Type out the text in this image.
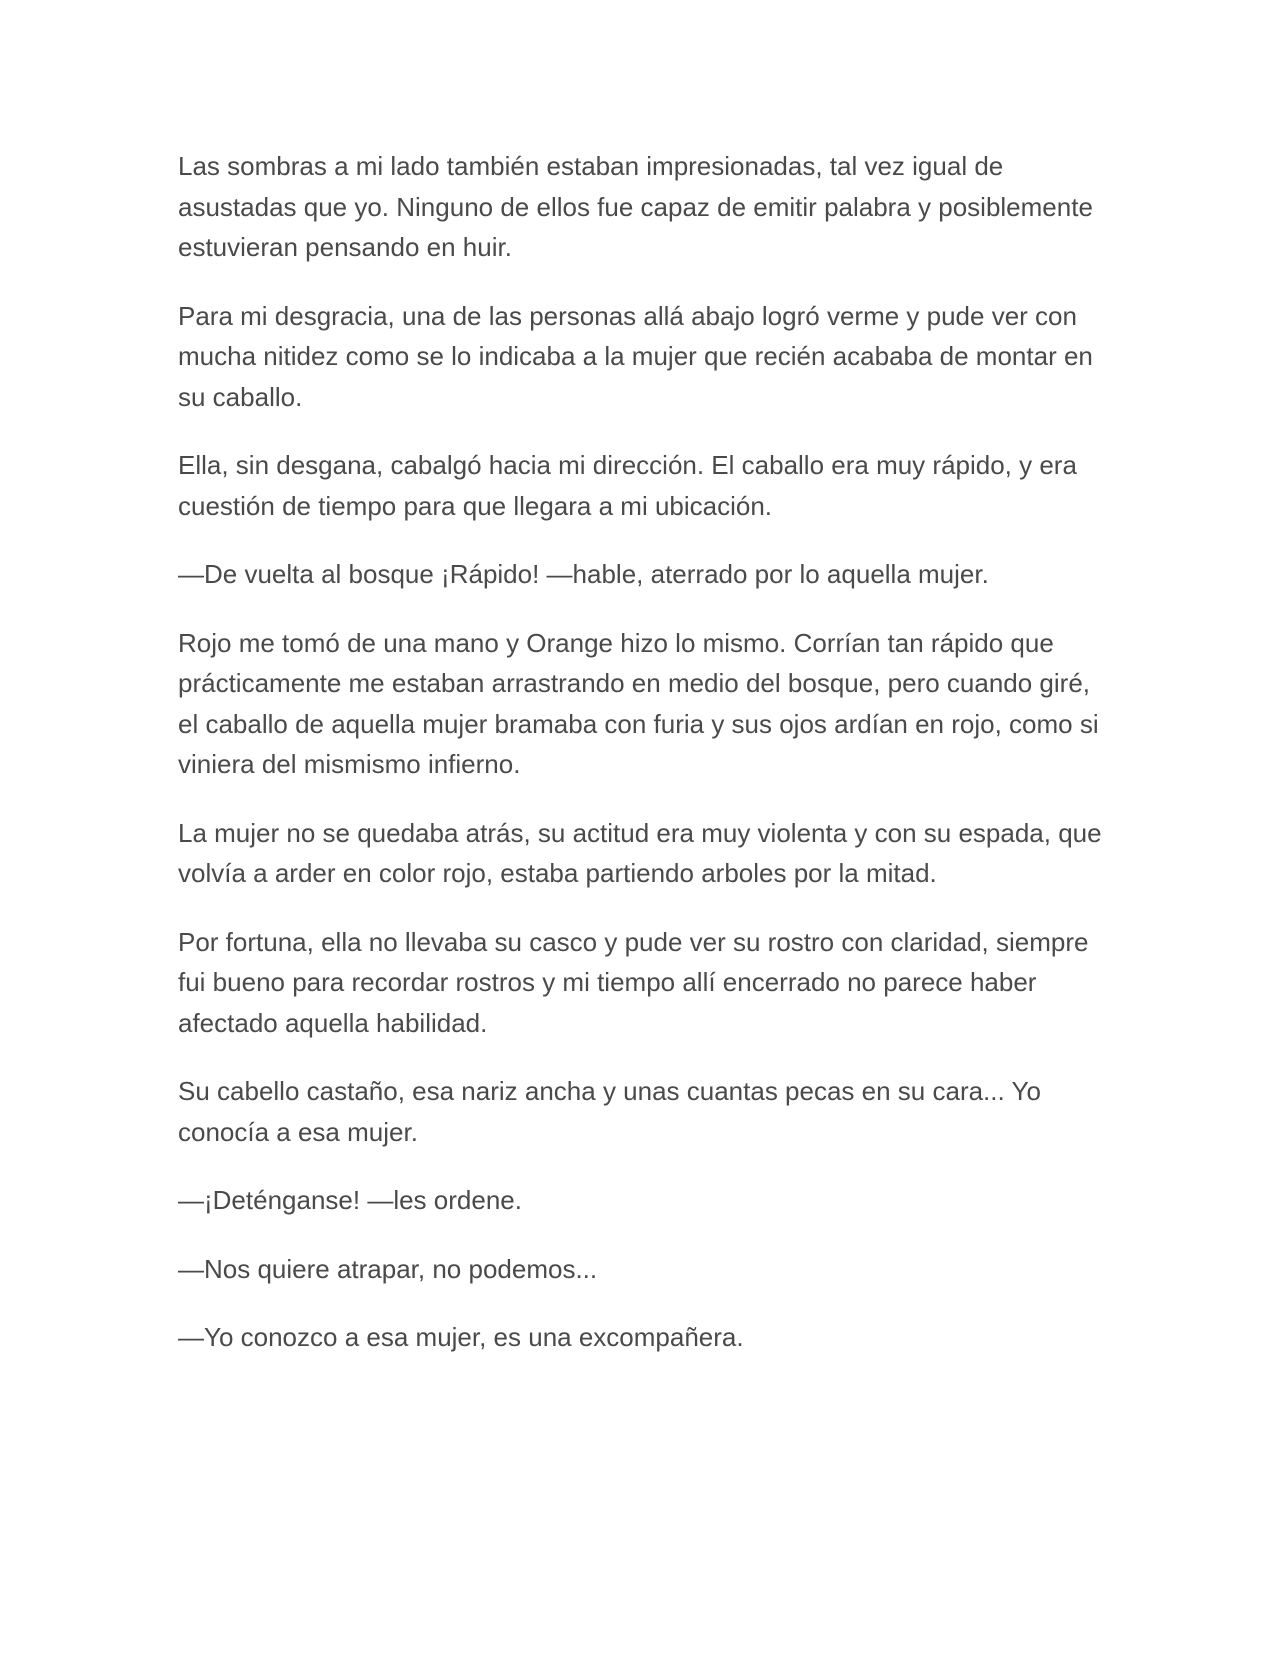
Las sombras a mi lado también estaban impresionadas, tal vez igual de asustadas que yo. Ninguno de ellos fue capaz de emitir palabra y posiblemente estuvieran pensando en huir.

Para mi desgracia, una de las personas allá abajo logró verme y pude ver con mucha nitidez como se lo indicaba a la mujer que recién acababa de montar en su caballo.

Ella, sin desgana, cabalgó hacia mi dirección. El caballo era muy rápido, y era cuestión de tiempo para que llegara a mi ubicación.

—De vuelta al bosque ¡Rápido! —hable, aterrado por lo aquella mujer.

Rojo me tomó de una mano y Orange hizo lo mismo. Corrían tan rápido que prácticamente me estaban arrastrando en medio del bosque, pero cuando giré, el caballo de aquella mujer bramaba con furia y sus ojos ardían en rojo, como si viniera del mismismo infierno.

La mujer no se quedaba atrás, su actitud era muy violenta y con su espada, que volvía a arder en color rojo, estaba partiendo arboles por la mitad.

Por fortuna, ella no llevaba su casco y pude ver su rostro con claridad, siempre fui bueno para recordar rostros y mi tiempo allí encerrado no parece haber afectado aquella habilidad.

Su cabello castaño, esa nariz ancha y unas cuantas pecas en su cara... Yo conocía a esa mujer.

—¡Deténganse! —les ordene.

—Nos quiere atrapar, no podemos...

—Yo conozco a esa mujer, es una excompañera.
